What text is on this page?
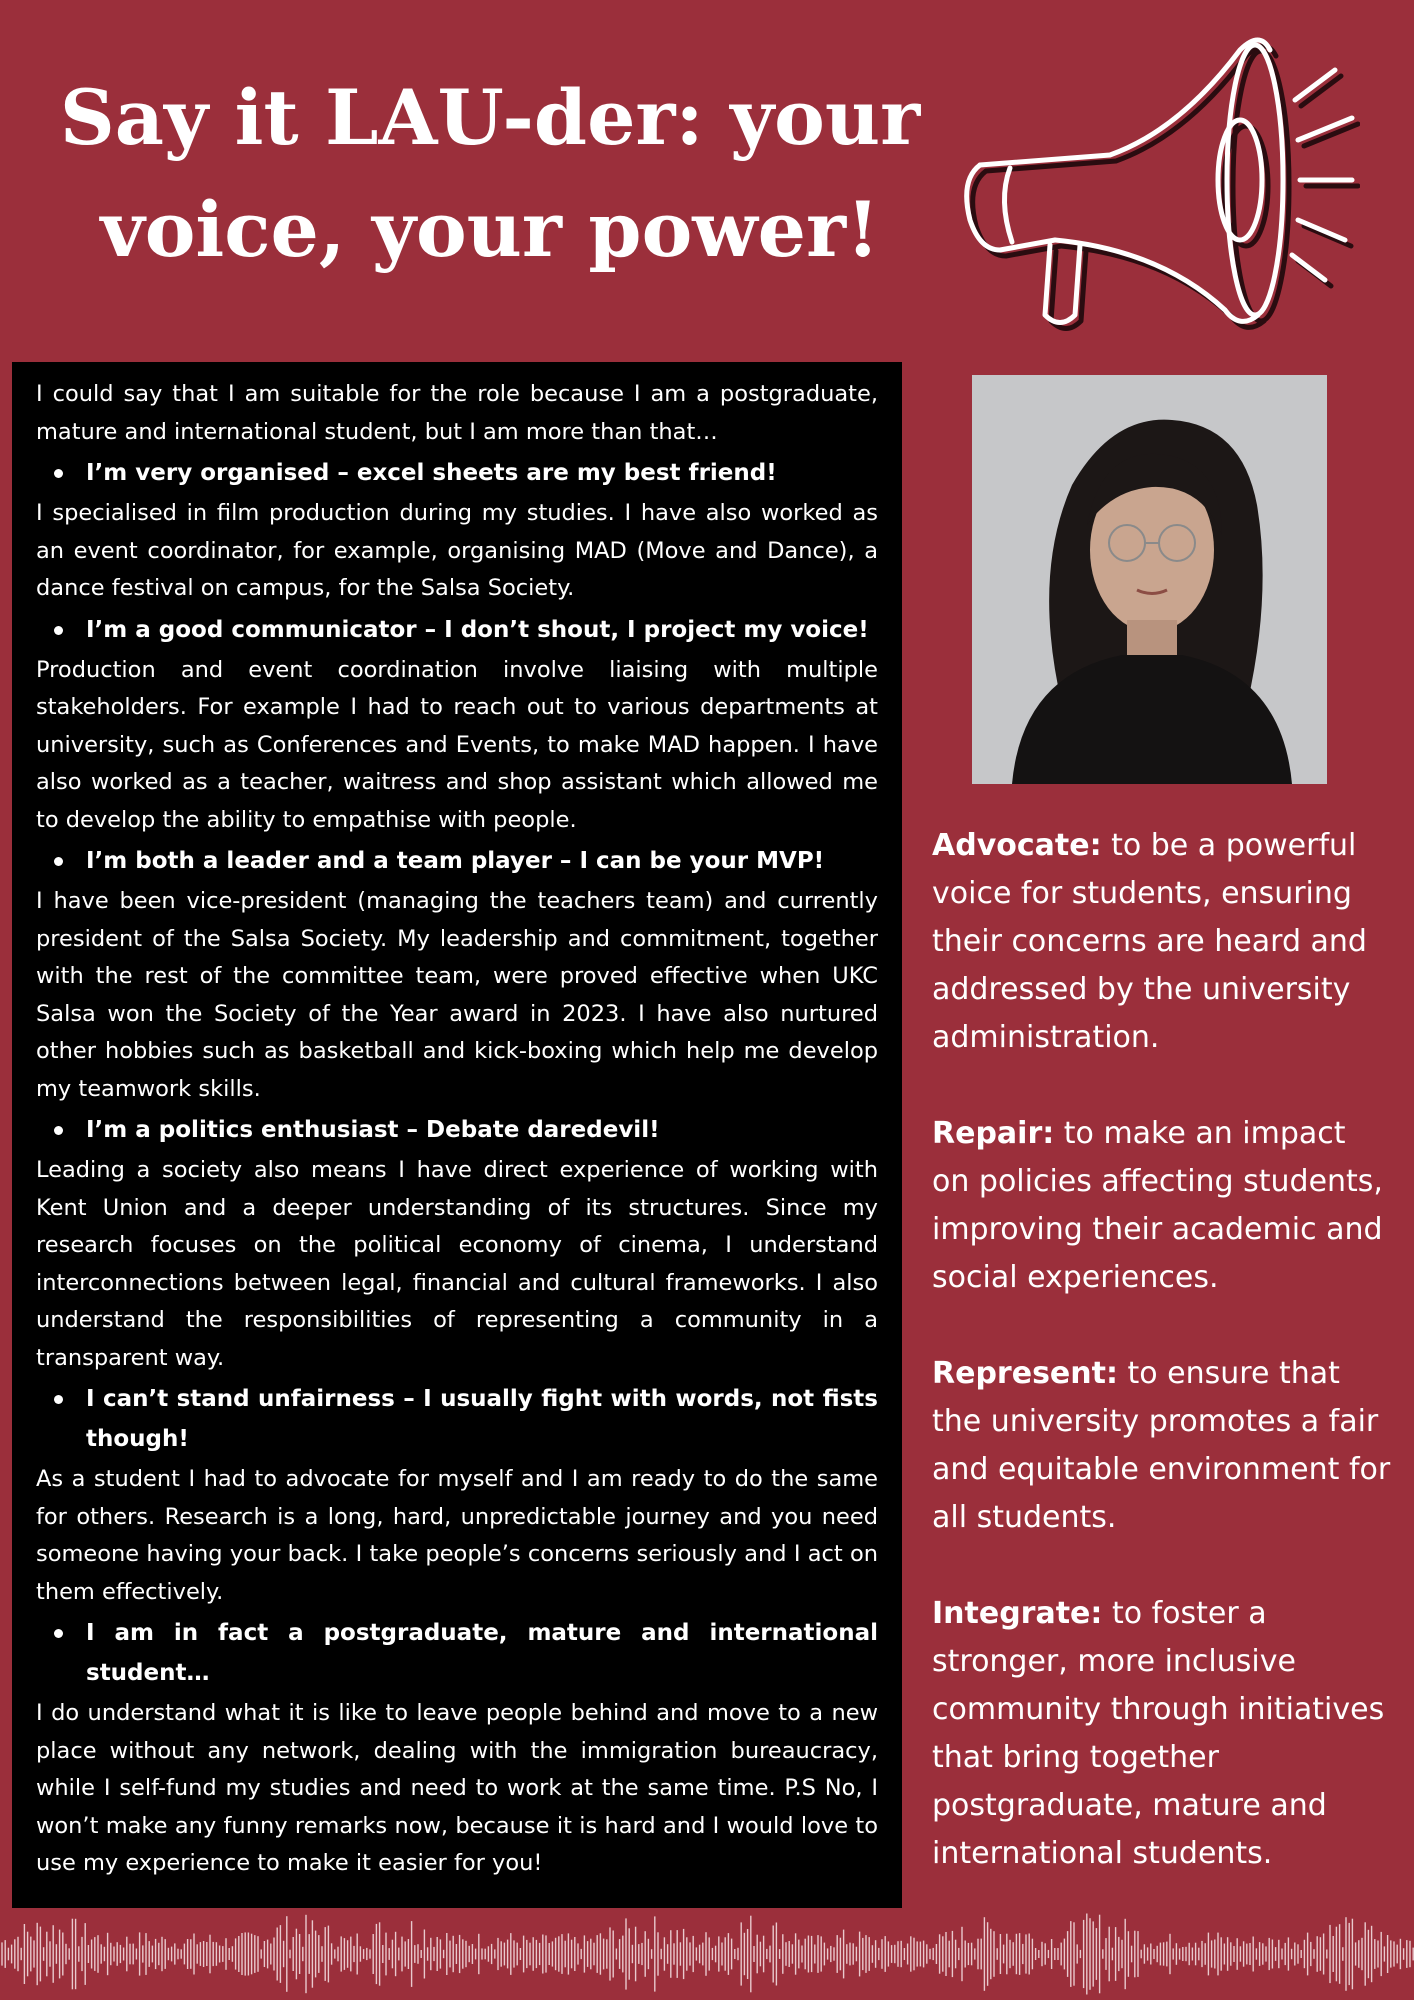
Say it LAU-der: your
voice, your power!

I could say that I am suitable for the role because I am a postgraduate, mature and international student, but I am more than that…

I’m very organised – excel sheets are my best friend!

I specialised in film production during my studies. I have also worked as an event coordinator, for example, organising MAD (Move and Dance), a dance festival on campus, for the Salsa Society.

I’m a good communicator – I don’t shout, I project my voice!

Production and event coordination involve liaising with multiple stakeholders. For example I had to reach out to various departments at university, such as Conferences and Events, to make MAD happen. I have also worked as a teacher, waitress and shop assistant which allowed me to develop the ability to empathise with people.

I’m both a leader and a team player – I can be your MVP!

I have been vice-president (managing the teachers team) and currently president of the Salsa Society. My leadership and commitment, together with the rest of the committee team, were proved effective when UKC Salsa won the Society of the Year award in 2023. I have also nurtured other hobbies such as basketball and kick-boxing which help me develop my teamwork skills.

I’m a politics enthusiast – Debate daredevil!

Leading a society also means I have direct experience of working with Kent Union and a deeper understanding of its structures. Since my research focuses on the political economy of cinema, I understand interconnections between legal, financial and cultural frameworks. I also understand the responsibilities of representing a community in a transparent way.

I can’t stand unfairness – I usually fight with words, not fists though!

As a student I had to advocate for myself and I am ready to do the same for others. Research is a long, hard, unpredictable journey and you need someone having your back. I take people’s concerns seriously and I act on them effectively.

I am in fact a postgraduate, mature and international student…

I do understand what it is like to leave people behind and move to a new place without any network, dealing with the immigration bureaucracy, while I self-fund my studies and need to work at the same time. P.S No, I won’t make any funny remarks now, because it is hard and I would love to use my experience to make it easier for you!

Advocate: to be a powerful voice for students, ensuring their concerns are heard and addressed by the university administration.

Repair: to make an impact on policies affecting students, improving their academic and social experiences.

Represent: to ensure that the university promotes a fair and equitable environment for all students.

Integrate: to foster a stronger, more inclusive community through initiatives that bring together postgraduate, mature and international students.
